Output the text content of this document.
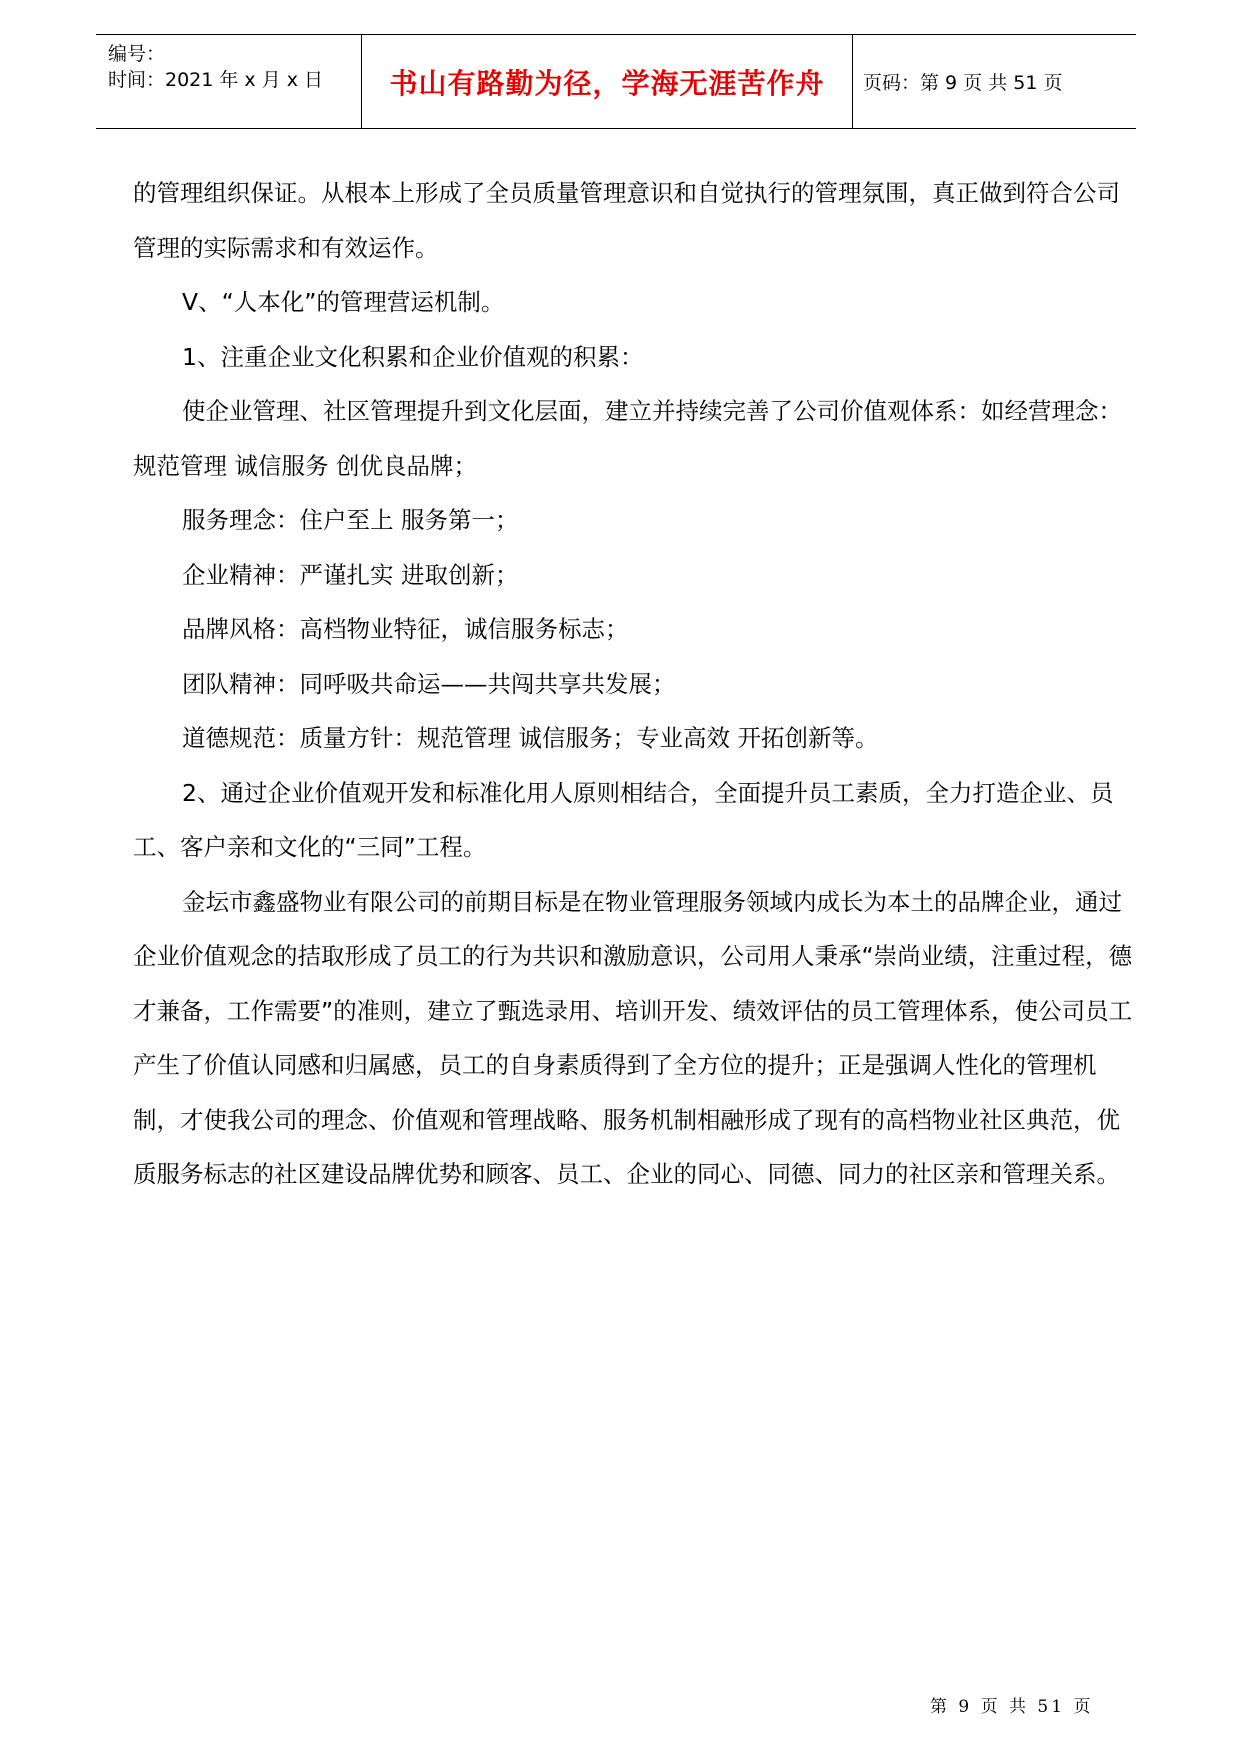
编号：
时间：2021 年 x 月 x 日	书山有路勤为径，学海无涯苦作舟	页码：第 9 页 共 51 页

的管理组织保证。从根本上形成了全员质量管理意识和自觉执行的管理氛围，真正做到符合公司管理的实际需求和有效运作。

Ⅴ、“人本化”的管理营运机制。

1、注重企业文化积累和企业价值观的积累：

使企业管理、社区管理提升到文化层面，建立并持续完善了公司价值观体系：如经营理念：规范管理 诚信服务 创优良品牌；

服务理念：住户至上 服务第一；

企业精神：严谨扎实 进取创新；

品牌风格：高档物业特征，诚信服务标志；

团队精神：同呼吸共命运——共闯共享共发展；

道德规范：质量方针：规范管理 诚信服务；专业高效 开拓创新等。

2、通过企业价值观开发和标准化用人原则相结合，全面提升员工素质，全力打造企业、员工、客户亲和文化的“三同”工程。

金坛市鑫盛物业有限公司的前期目标是在物业管理服务领域内成长为本土的品牌企业，通过企业价值观念的拮取形成了员工的行为共识和激励意识，公司用人秉承“崇尚业绩，注重过程，德才兼备，工作需要”的准则，建立了甄选录用、培训开发、绩效评估的员工管理体系，使公司员工产生了价值认同感和归属感，员工的自身素质得到了全方位的提升；正是强调人性化的管理机制，才使我公司的理念、价值观和管理战略、服务机制相融形成了现有的高档物业社区典范，优质服务标志的社区建设品牌优势和顾客、员工、企业的同心、同德、同力的社区亲和管理关系。

第 9 页 共 51 页
